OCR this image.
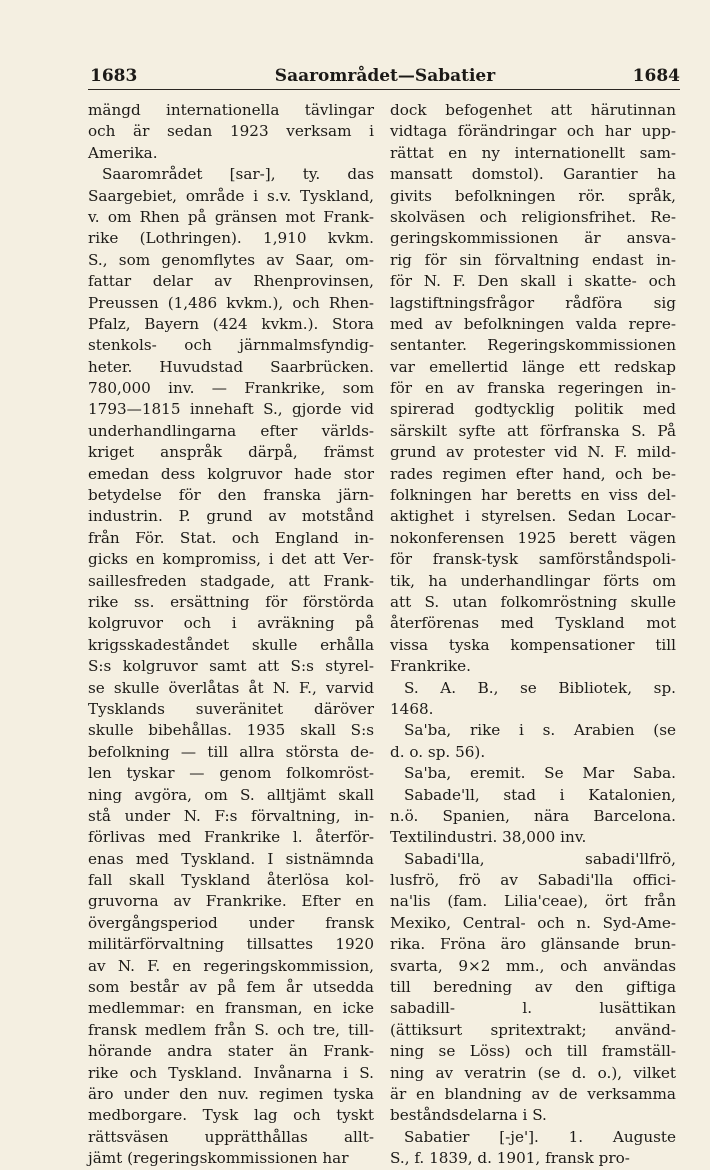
1683	Saarområdet—Sabatier	1684
mängd internationella tävlingar
och är sedan 1923 verksam i
Amerika.
Saarområdet [sar-], ty. das
Saargebiet, område i s.v. Tyskland,
v. om Rhen på gränsen mot Frank-
rike (Lothringen). 1,910 kvkm.
S., som genomflytes av Saar, om-
fattar delar av Rhenprovinsen,
Preussen (1,486 kvkm.), och Rhen-
Pfalz, Bayern (424 kvkm.). Stora
stenkols- och järnmalmsfyndig-
heter. Huvudstad Saarbrücken.
780,000 inv. — Frankrike, som
1793—1815 innehaft S., gjorde vid
underhandlingarna efter världs-
kriget anspråk därpå, främst
emedan dess kolgruvor hade stor
betydelse för den franska järn-
industrin. P. grund av motstånd
från För. Stat. och England in-
gicks en kompromiss, i det att Ver-
saillesfreden stadgade, att Frank-
rike ss. ersättning för förstörda
kolgruvor och i avräkning på
krigsskadeståndet skulle erhålla
S:s kolgruvor samt att S:s styrel-
se skulle överlåtas åt N. F., varvid
Tysklands suveränitet däröver
skulle bibehållas. 1935 skall S:s
befolkning — till allra största de-
len tyskar — genom folkomröst-
ning avgöra, om S. alltjämt skall
stå under N. F:s förvaltning, in-
förlivas med Frankrike l. återför-
enas med Tyskland. I sistnämnda
fall skall Tyskland återlösa kol-
gruvorna av Frankrike. Efter en
övergångsperiod under fransk
militärförvaltning tillsattes 1920
av N. F. en regeringskommission,
som består av på fem år utsedda
medlemmar: en fransman, en icke
fransk medlem från S. och tre, till-
hörande andra stater än Frank-
rike och Tyskland. Invånarna i S.
äro under den nuv. regimen tyska
medborgare. Tysk lag och tyskt
rättsväsen upprätthållas allt-
jämt (regeringskommissionen har
dock befogenhet att härutinnan
vidtaga förändringar och har upp-
rättat en ny internationellt sam-
mansatt domstol). Garantier ha
givits befolkningen rör. språk,
skolväsen och religionsfrihet. Re-
geringskommissionen är ansva-
rig för sin förvaltning endast in-
för N. F. Den skall i skatte- och
lagstiftningsfrågor rådföra sig
med av befolkningen valda repre-
sentanter. Regeringskommissionen
var emellertid länge ett redskap
för en av franska regeringen in-
spirerad godtycklig politik med
särskilt syfte att förfranska S. På
grund av protester vid N. F. mild-
rades regimen efter hand, och be-
folkningen har beretts en viss del-
aktighet i styrelsen. Sedan Locar-
nokonferensen 1925 berett vägen
för fransk-tysk samförståndspoli-
tik, ha underhandlingar förts om
att S. utan folkomröstning skulle
återförenas med Tyskland mot
vissa tyska kompensationer till
Frankrike.
S. A. B., se Bibliotek, sp.
1468.
Sa'ba, rike i s. Arabien (se
d. o. sp. 56).
Sa'ba, eremit. Se Mar Saba.
Sabade'll, stad i Katalonien,
n.ö. Spanien, nära Barcelona.
Textilindustri. 38,000 inv.
Sabadi'lla, sabadi'llfrö,
lusfrö, frö av Sabadi'lla offici-
na'lis (fam. Lilia'ceae), ört från
Mexiko, Central- och n. Syd-Ame-
rika. Fröna äro glänsande brun-
svarta, 9×2 mm., och användas
till beredning av den giftiga
sabadill- l. lusättikan
(ättiksurt spritextrakt; använd-
ning se Löss) och till framställ-
ning av veratrin (se d. o.), vilket
är en blandning av de verksamma
beståndsdelarna i S.
Sabatier [-je']. 1. Auguste
S., f. 1839, d. 1901, fransk pro-
